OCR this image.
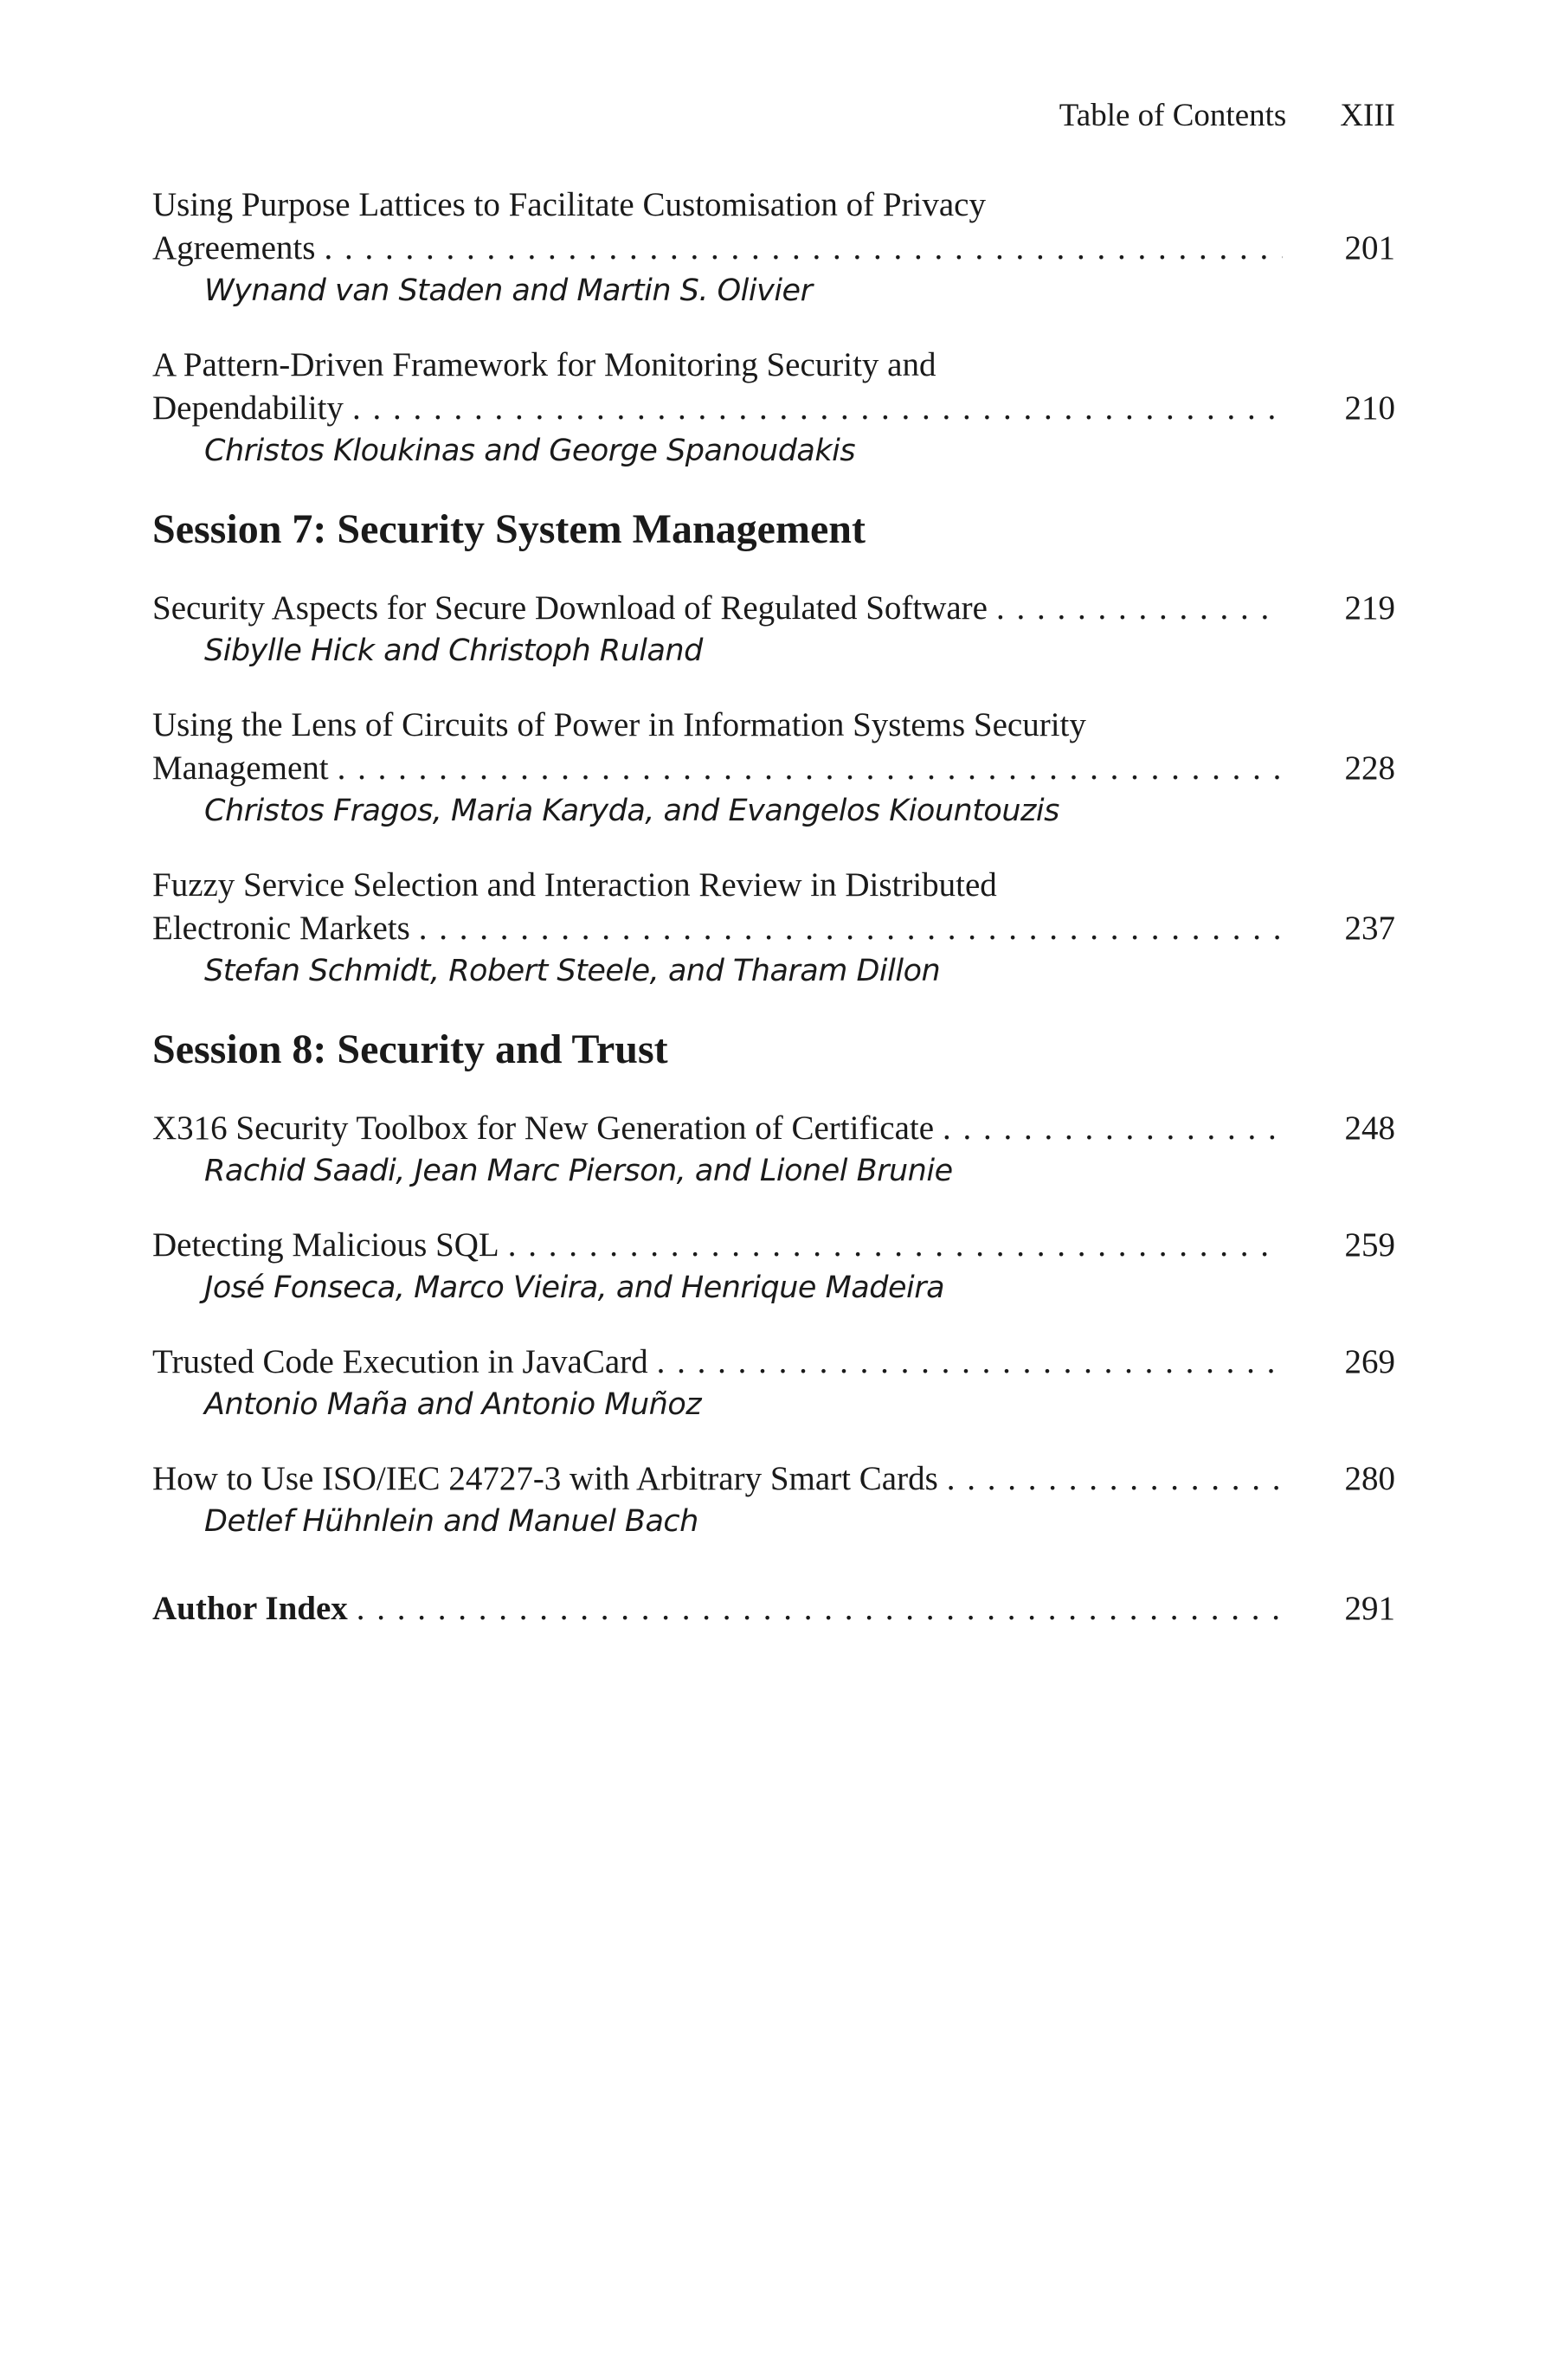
Table of Contents XIII
Using Purpose Lattices to Facilitate Customisation of Privacy
Agreements . . .	201
Wynand van Staden and Martin S. Olivier
A Pattern-Driven Framework for Monitoring Security and
Dependability . . .	210
Christos Kloukinas and George Spanoudakis
Session 7: Security System Management
Security Aspects for Secure Download of Regulated Software . . .	219
Sibylle Hick and Christoph Ruland
Using the Lens of Circuits of Power in Information Systems Security
Management . . .	228
Christos Fragos, Maria Karyda, and Evangelos Kiountouzis
Fuzzy Service Selection and Interaction Review in Distributed
Electronic Markets . . .	237
Stefan Schmidt, Robert Steele, and Tharam Dillon
Session 8: Security and Trust
X316 Security Toolbox for New Generation of Certificate . . .	248
Rachid Saadi, Jean Marc Pierson, and Lionel Brunie
Detecting Malicious SQL . . .	259
José Fonseca, Marco Vieira, and Henrique Madeira
Trusted Code Execution in JavaCard . . .	269
Antonio Maña and Antonio Muñoz
How to Use ISO/IEC 24727-3 with Arbitrary Smart Cards . . .	280
Detlef Hühnlein and Manuel Bach
Author Index . . .	291
